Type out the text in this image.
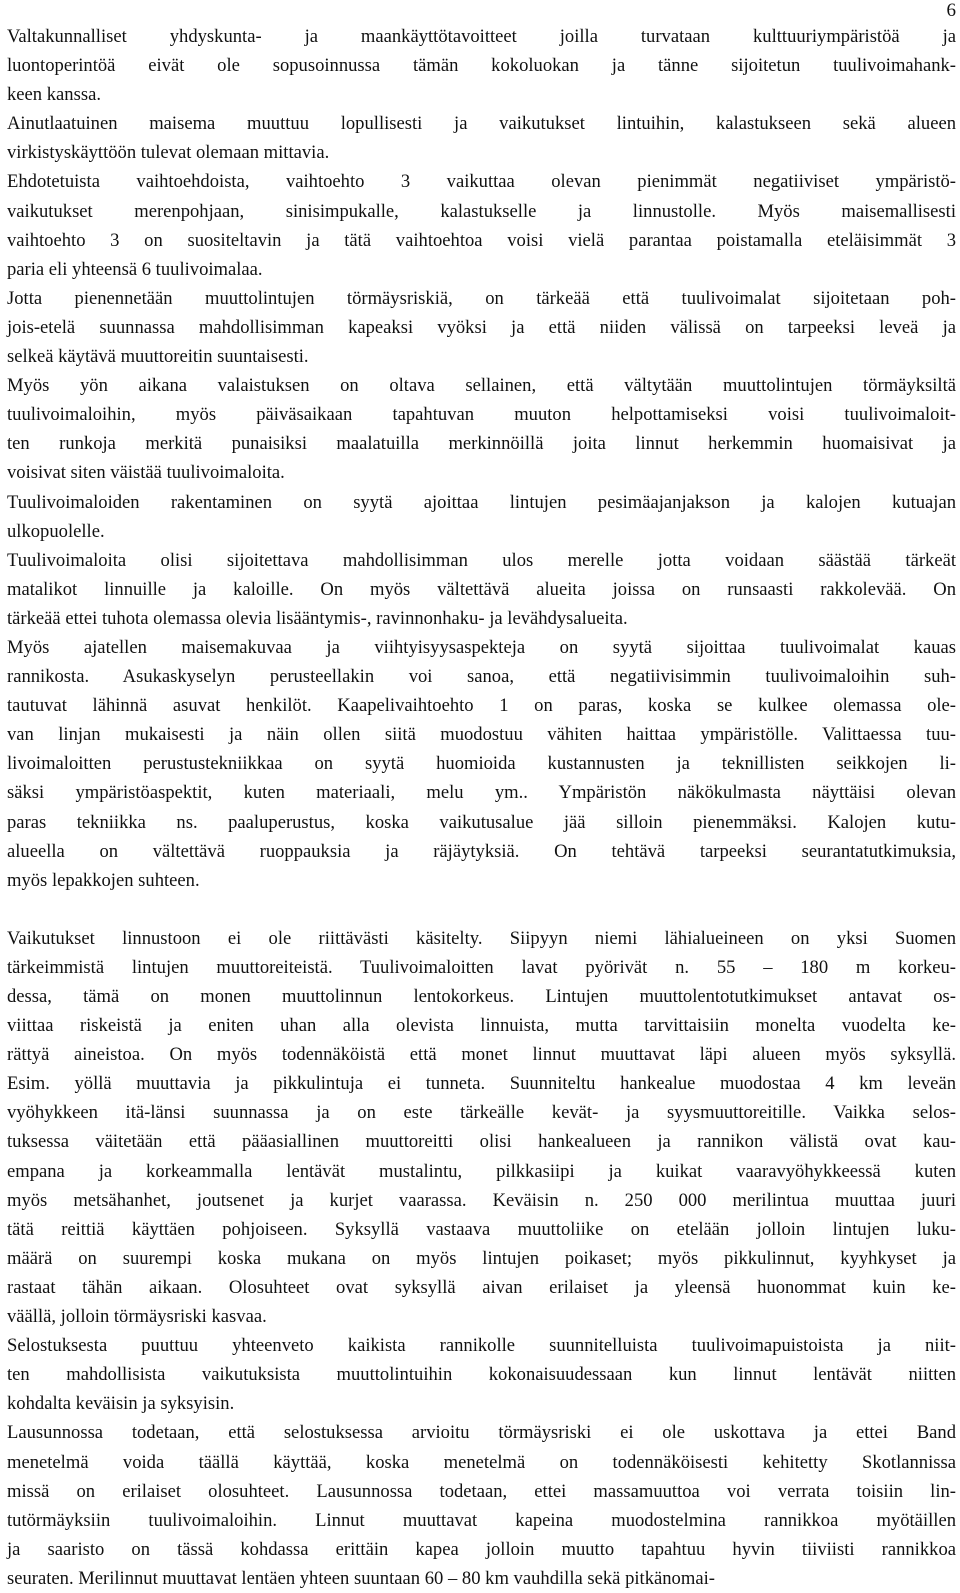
6

Valtakunnalliset yhdyskunta- ja maankäyttötavoitteet joilla turvataan kulttuuriympäristöä ja
luontoperintöä eivät ole sopusoinnussa tämän kokoluokan ja tänne sijoitetun tuulivoimahank-
keen kanssa.

Ainutlaatuinen maisema muuttuu lopullisesti ja vaikutukset lintuihin, kalastukseen sekä alueen
virkistyskäyttöön tulevat olemaan mittavia.

Ehdotetuista vaihtoehdoista, vaihtoehto 3 vaikuttaa olevan pienimmät negatiiviset ympäristö-
vaikutukset merenpohjaan, sinisimpukalle, kalastukselle ja linnustolle. Myös maisemallisesti
vaihtoehto 3 on suositeltavin ja tätä vaihtoehtoa voisi vielä parantaa poistamalla eteläisimmät 3
paria eli yhteensä 6 tuulivoimalaa.

Jotta pienennetään muuttolintujen törmäysriskiä, on tärkeää että tuulivoimalat sijoitetaan poh-
jois-etelä suunnassa mahdollisimman kapeaksi vyöksi ja että niiden välissä on tarpeeksi leveä ja
selkeä käytävä muuttoreitin suuntaisesti.

Myös yön aikana valaistuksen on oltava sellainen, että vältytään muuttolintujen törmäyksiltä
tuulivoimaloihin, myös päiväsaikaan tapahtuvan muuton helpottamiseksi voisi tuulivoimaloit-
ten runkoja merkitä punaisiksi maalatuilla merkinnöillä joita linnut herkemmin huomaisivat ja
voisivat siten väistää tuulivoimaloita.

Tuulivoimaloiden rakentaminen on syytä ajoittaa lintujen pesimäajanjakson ja kalojen kutuajan
ulkopuolelle.

Tuulivoimaloita olisi sijoitettava mahdollisimman ulos merelle jotta voidaan säästää tärkeät
matalikot linnuille ja kaloille. On myös vältettävä alueita joissa on runsaasti rakkolevää. On
tärkeää ettei tuhota olemassa olevia lisääntymis-, ravinnonhaku- ja levähdysalueita.

Myös ajatellen maisemakuvaa ja viihtyisyysaspekteja on syytä sijoittaa tuulivoimalat kauas
rannikosta. Asukaskyselyn perusteellakin voi sanoa, että negatiivisimmin tuulivoimaloihin suh-
tautuvat lähinnä asuvat henkilöt. Kaapelivaihtoehto 1 on paras, koska se kulkee olemassa ole-
van linjan mukaisesti ja näin ollen siitä muodostuu vähiten haittaa ympäristölle. Valittaessa tuu-
livoimaloitten perustustekniikkaa on syytä huomioida kustannusten ja teknillisten seikkojen li-
säksi ympäristöaspektit, kuten materiaali, melu ym.. Ympäristön näkökulmasta näyttäisi olevan
paras tekniikka ns. paaluperustus, koska vaikutusalue jää silloin pienemmäksi. Kalojen kutu-
alueella on vältettävä ruoppauksia ja räjäytyksiä. On tehtävä tarpeeksi seurantatutkimuksia,
myös lepakkojen suhteen.

Vaikutukset linnustoon ei ole riittävästi käsitelty. Siipyyn niemi lähialueineen on yksi Suomen
tärkeimmistä lintujen muuttoreiteistä. Tuulivoimaloitten lavat pyörivät n. 55 – 180 m korkeu-
dessa, tämä on monen muuttolinnun lentokorkeus. Lintujen muuttolentotutkimukset antavat os-
viittaa riskeistä ja eniten uhan alla olevista linnuista, mutta tarvittaisiin monelta vuodelta ke-
rättyä aineistoa. On myös todennäköistä että monet linnut muuttavat läpi alueen myös syksyllä.
Esim. yöllä muuttavia ja pikkulintuja ei tunneta. Suunniteltu hankealue muodostaa 4 km leveän
vyöhykkeen itä-länsi suunnassa ja on este tärkeälle kevät- ja syysmuuttoreitille. Vaikka selos-
tuksessa väitetään että pääasiallinen muuttoreitti olisi hankealueen ja rannikon välistä ovat kau-
empana ja korkeammalla lentävät mustalintu, pilkkasiipi ja kuikat vaaravyöhykkeessä kuten
myös metsähanhet, joutsenet ja kurjet vaarassa. Keväisin n. 250 000 merilintua muuttaa juuri
tätä reittiä käyttäen pohjoiseen. Syksyllä vastaava muuttoliike on etelään jolloin lintujen luku-
määrä on suurempi koska mukana on myös lintujen poikaset; myös pikkulinnut, kyyhkyset ja
rastaat tähän aikaan. Olosuhteet ovat syksyllä aivan erilaiset ja yleensä huonommat kuin ke-
väällä, jolloin törmäysriski kasvaa.

Selostuksesta puuttuu yhteenveto kaikista rannikolle suunnitelluista tuulivoimapuistoista ja niit-
ten mahdollisista vaikutuksista muuttolintuihin kokonaisuudessaan kun linnut lentävät niitten
kohdalta keväisin ja syksyisin.

Lausunnossa todetaan, että selostuksessa arvioitu törmäysriski ei ole uskottava ja ettei Band
menetelmä voida täällä käyttää, koska menetelmä on todennäköisesti kehitetty Skotlannissa
missä on erilaiset olosuhteet. Lausunnossa todetaan, ettei massamuuttoa voi verrata toisiin lin-
tutörmäyksiin tuulivoimaloihin. Linnut muuttavat kapeina muodostelmina rannikkoa myötäillen
ja saaristo on tässä kohdassa erittäin kapea jolloin muutto tapahtuu hyvin tiiviisti rannikkoa
seuraten. Merilinnut muuttavat lentäen yhteen suuntaan 60 – 80 km vauhdilla sekä pitkänomai-
